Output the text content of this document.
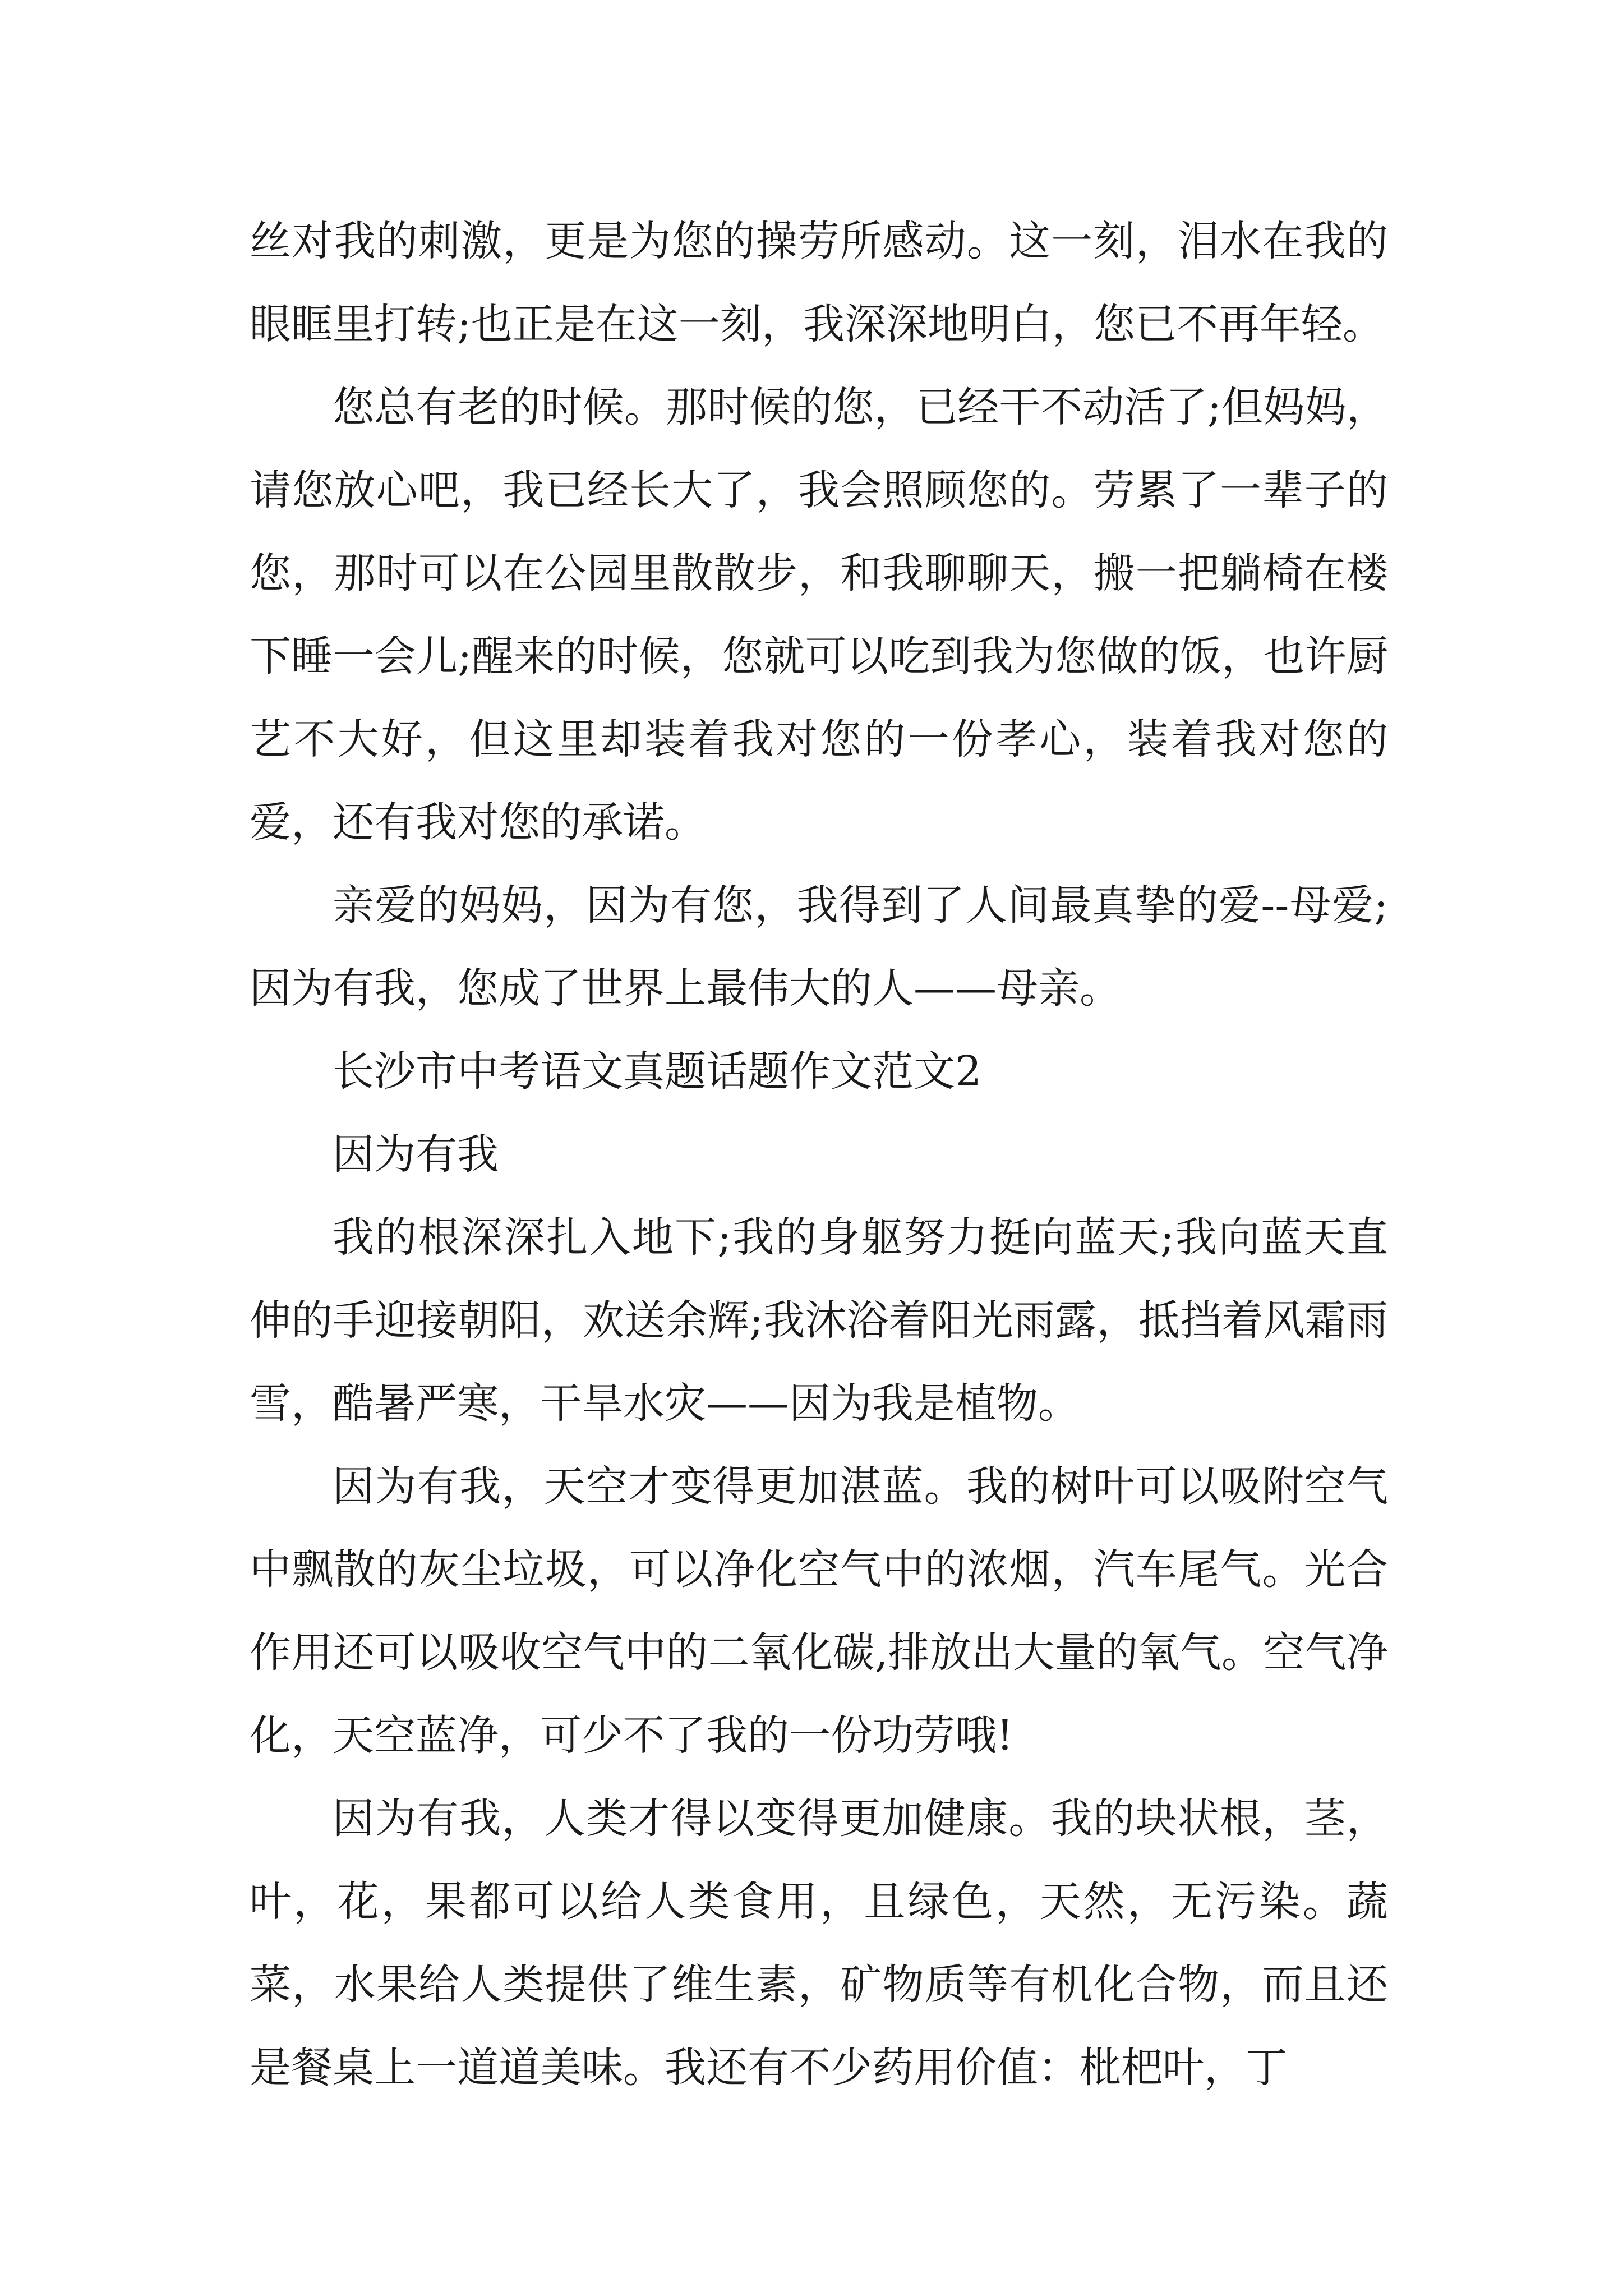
丝对我的刺激，更是为您的操劳所感动。这一刻，泪水在我的眼眶里打转;也正是在这一刻，我深深地明白，您已不再年轻。

您总有老的时候。那时候的您，已经干不动活了;但妈妈，请您放心吧，我已经长大了，我会照顾您的。劳累了一辈子的您，那时可以在公园里散散步，和我聊聊天，搬一把躺椅在楼下睡一会儿;醒来的时候，您就可以吃到我为您做的饭，也许厨艺不大好，但这里却装着我对您的一份孝心，装着我对您的爱，还有我对您的承诺。

亲爱的妈妈，因为有您，我得到了人间最真挚的爱--母爱;因为有我，您成了世界上最伟大的人——母亲。

长沙市中考语文真题话题作文范文2

因为有我

我的根深深扎入地下;我的身躯努力挺向蓝天;我向蓝天直伸的手迎接朝阳，欢送余辉;我沐浴着阳光雨露，抵挡着风霜雨雪，酷暑严寒，干旱水灾——因为我是植物。

因为有我，天空才变得更加湛蓝。我的树叶可以吸附空气中飘散的灰尘垃圾，可以净化空气中的浓烟，汽车尾气。光合作用还可以吸收空气中的二氧化碳,排放出大量的氧气。空气净化，天空蓝净，可少不了我的一份功劳哦!

因为有我，人类才得以变得更加健康。我的块状根，茎，叶，花，果都可以给人类食用，且绿色，天然，无污染。蔬菜，水果给人类提供了维生素，矿物质等有机化合物，而且还是餐桌上一道道美味。我还有不少药用价值：枇杷叶，丁
